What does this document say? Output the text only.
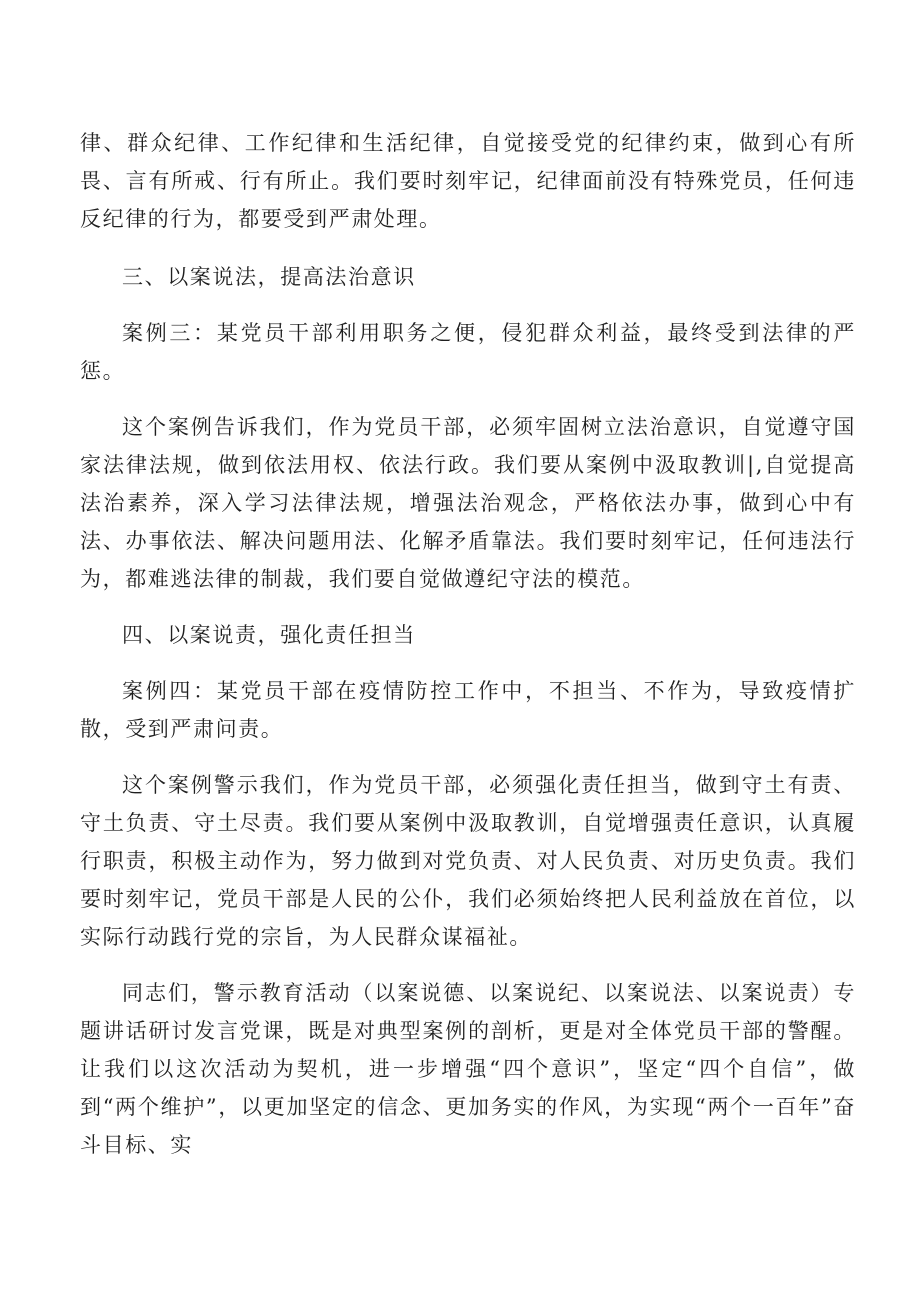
律、群众纪律、工作纪律和生活纪律，自觉接受党的纪律约束，做到心有所畏、言有所戒、行有所止。我们要时刻牢记，纪律面前没有特殊党员，任何违反纪律的行为，都要受到严肃处理。

三、以案说法，提高法治意识

案例三：某党员干部利用职务之便，侵犯群众利益，最终受到法律的严惩。

这个案例告诉我们，作为党员干部，必须牢固树立法治意识，自觉遵守国家法律法规，做到依法用权、依法行政。我们要从案例中汲取教训|,自觉提高法治素养，深入学习法律法规，增强法治观念，严格依法办事，做到心中有法、办事依法、解决问题用法、化解矛盾靠法。我们要时刻牢记，任何违法行为，都难逃法律的制裁，我们要自觉做遵纪守法的模范。

四、以案说责，强化责任担当

案例四：某党员干部在疫情防控工作中，不担当、不作为，导致疫情扩散，受到严肃问责。

这个案例警示我们，作为党员干部，必须强化责任担当，做到守土有责、守土负责、守土尽责。我们要从案例中汲取教训，自觉增强责任意识，认真履行职责，积极主动作为，努力做到对党负责、对人民负责、对历史负责。我们要时刻牢记，党员干部是人民的公仆，我们必须始终把人民利益放在首位，以实际行动践行党的宗旨，为人民群众谋福祉。

同志们，警示教育活动（以案说德、以案说纪、以案说法、以案说责）专题讲话研讨发言党课，既是对典型案例的剖析，更是对全体党员干部的警醒。让我们以这次活动为契机，进一步增强“四个意识”，坚定“四个自信”，做到“两个维护”，以更加坚定的信念、更加务实的作风，为实现“两个一百年”奋斗目标、实
